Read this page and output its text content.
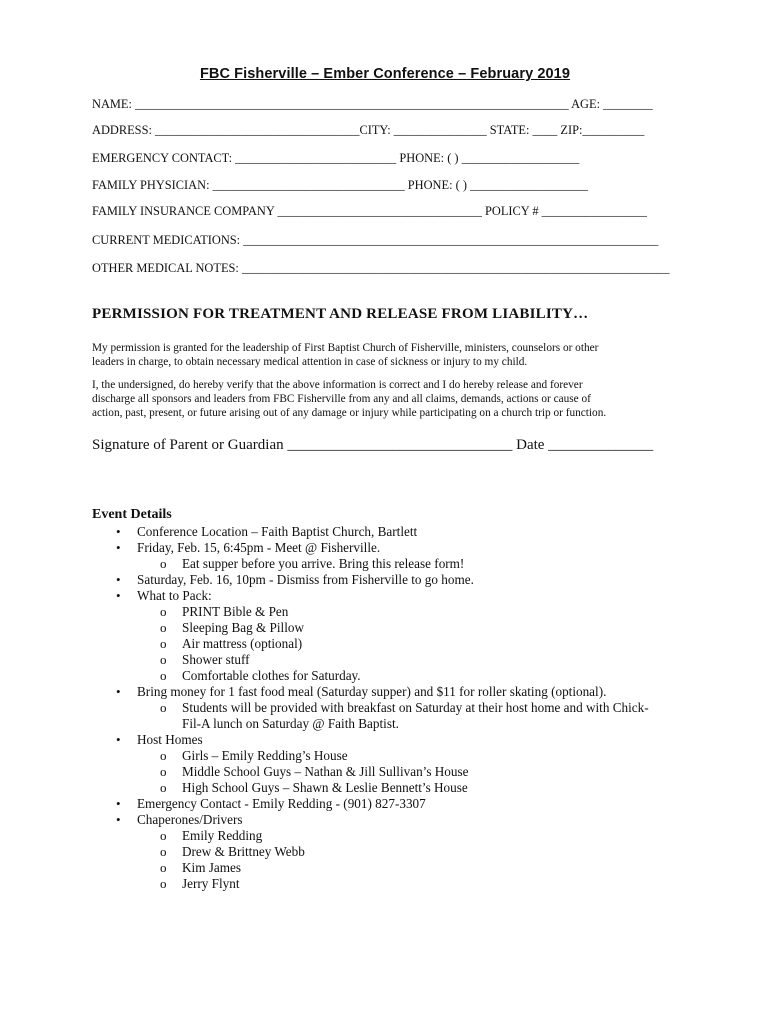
FBC Fisherville – Ember Conference – February 2019
NAME: ______________________________________________________________________ AGE: ________
ADDRESS: _________________________________CITY: _______________ STATE: ____ ZIP:__________
EMERGENCY CONTACT: __________________________ PHONE: ( ) ___________________
FAMILY PHYSICIAN: _______________________________ PHONE: ( ) ___________________
FAMILY INSURANCE COMPANY _________________________________ POLICY # _________________
CURRENT MEDICATIONS: ___________________________________________________________________
OTHER MEDICAL NOTES: _____________________________________________________________________
PERMISSION FOR TREATMENT AND RELEASE FROM LIABILITY…
My permission is granted for the leadership of First Baptist Church of Fisherville, ministers, counselors or other
leaders in charge, to obtain necessary medical attention in case of sickness or injury to my child.
I, the undersigned, do hereby verify that the above information is correct and I do hereby release and forever
discharge all sponsors and leaders from FBC Fisherville from any and all claims, demands, actions or cause of
action, past, present, or future arising out of any damage or injury while participating on a church trip or function.
Signature of Parent or Guardian ______________________________ Date ______________
Event Details
• Conference Location – Faith Baptist Church, Bartlett
• Friday, Feb. 15, 6:45pm - Meet @ Fisherville.
o Eat supper before you arrive. Bring this release form!
• Saturday, Feb. 16, 10pm - Dismiss from Fisherville to go home.
• What to Pack:
o PRINT Bible & Pen
o Sleeping Bag & Pillow
o Air mattress (optional)
o Shower stuff
o Comfortable clothes for Saturday.
• Bring money for 1 fast food meal (Saturday supper) and $11 for roller skating (optional).
o Students will be provided with breakfast on Saturday at their host home and with Chick-
Fil-A lunch on Saturday @ Faith Baptist.
• Host Homes
o Girls – Emily Redding’s House
o Middle School Guys – Nathan & Jill Sullivan’s House
o High School Guys – Shawn & Leslie Bennett’s House
• Emergency Contact - Emily Redding - (901) 827-3307
• Chaperones/Drivers
o Emily Redding
o Drew & Brittney Webb
o Kim James
o Jerry Flynt
